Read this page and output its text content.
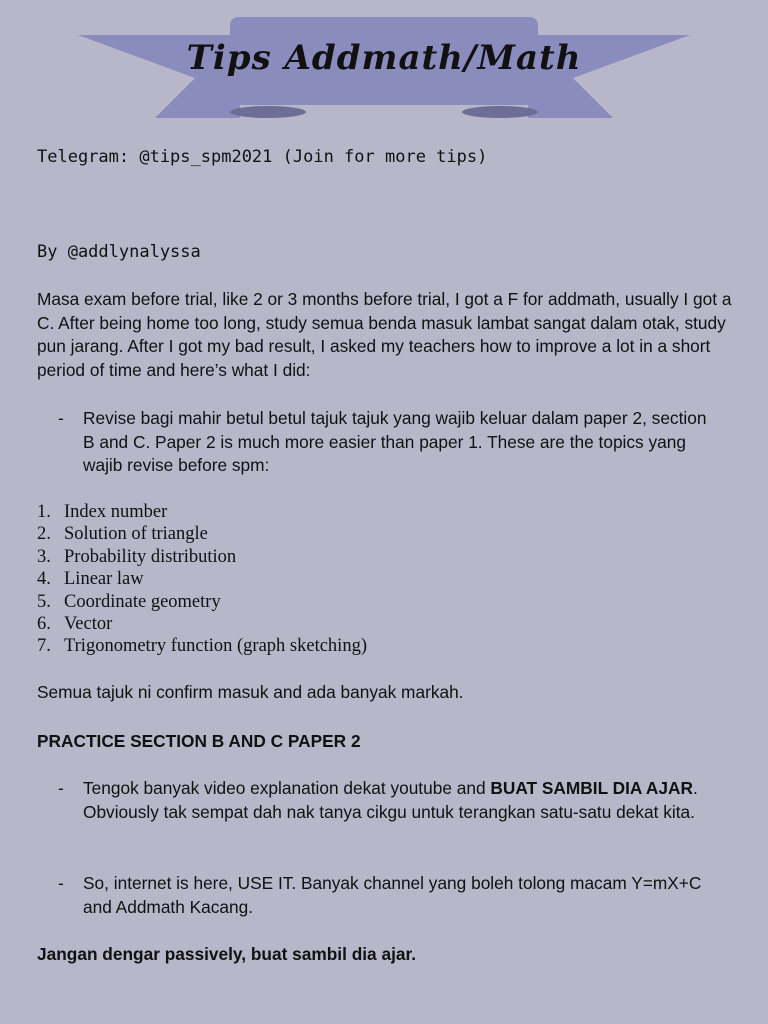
Tips Addmath/Math
Telegram: @tips_spm2021 (Join for more tips)
By @addlynalyssa
Masa exam before trial, like 2 or 3 months before trial, I got a F for addmath, usually I got a C. After being home too long, study semua benda masuk lambat sangat dalam otak, study pun jarang. After I got my bad result, I asked my teachers how to improve a lot in a short period of time and here’s what I did:
- Revise bagi mahir betul betul tajuk tajuk yang wajib keluar dalam paper 2, section B and C. Paper 2 is much more easier than paper 1. These are the topics yang wajib revise before spm:
1. Index number
2. Solution of triangle
3. Probability distribution
4. Linear law
5. Coordinate geometry
6. Vector
7. Trigonometry function (graph sketching)
Semua tajuk ni confirm masuk and ada banyak markah.
PRACTICE SECTION B AND C PAPER 2
- Tengok banyak video explanation dekat youtube and BUAT SAMBIL DIA AJAR. Obviously tak sempat dah nak tanya cikgu untuk terangkan satu-satu dekat kita.
- So, internet is here, USE IT. Banyak channel yang boleh tolong macam Y=mX+C and Addmath Kacang.
Jangan dengar passively, buat sambil dia ajar.
